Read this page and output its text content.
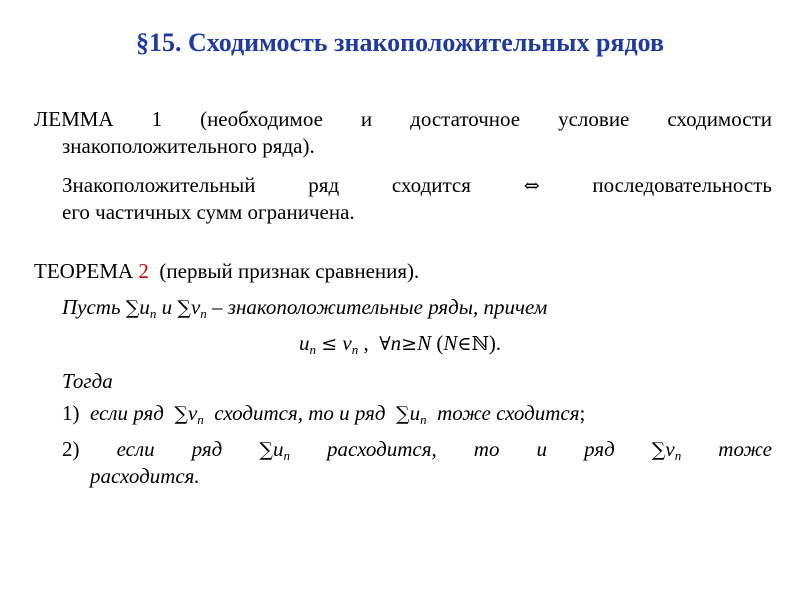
§15. Сходимость знакоположительных рядов
ЛЕММА 1 (необходимое и достаточное условие сходимости
знакоположительного ряда).
Знакоположительный ряд сходится	⇔	последовательность
его частичных сумм ограничена.
ТЕОРЕМА 2 (первый признак сравнения).
Пусть $\sum u_n$ и $\sum v_n$ – знакоположительные ряды, причем
$u_n \le v_n$ ,  ∀n≥N (N∈ℕ).
Тогда
1) если ряд $\sum v_n$ сходится, то и ряд $\sum u_n$ тоже сходится;
2) если ряд $\sum u_n$ расходится, то и ряд $\sum v_n$ тоже
расходится.
